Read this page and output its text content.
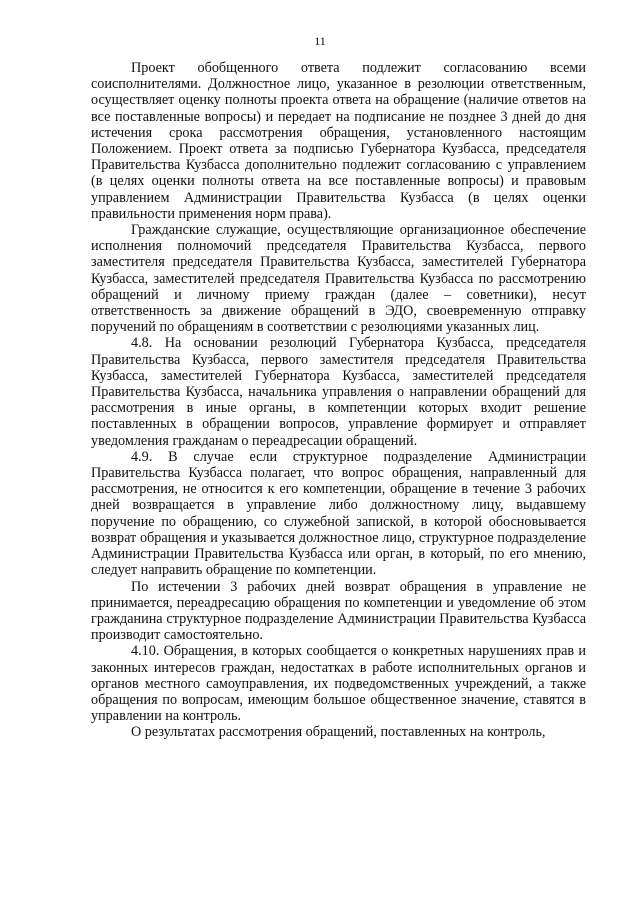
11

Проект обобщенного ответа подлежит согласованию всеми соисполнителями. Должностное лицо, указанное в резолюции ответственным, осуществляет оценку полноты проекта ответа на обращение (наличие ответов на все поставленные вопросы) и передает на подписание не позднее 3 дней до дня истечения срока рассмотрения обращения, установленного настоящим Положением. Проект ответа за подписью Губернатора Кузбасса, председателя Правительства Кузбасса дополнительно подлежит согласованию с управлением (в целях оценки полноты ответа на все поставленные вопросы) и правовым управлением Администрации Правительства Кузбасса (в целях оценки правильности применения норм права).

Гражданские служащие, осуществляющие организационное обеспечение исполнения полномочий председателя Правительства Кузбасса, первого заместителя председателя Правительства Кузбасса, заместителей Губернатора Кузбасса, заместителей председателя Правительства Кузбасса по рассмотрению обращений и личному приему граждан (далее – советники), несут ответственность за движение обращений в ЭДО, своевременную отправку поручений по обращениям в соответствии с резолюциями указанных лиц.

4.8. На основании резолюций Губернатора Кузбасса, председателя Правительства Кузбасса, первого заместителя председателя Правительства Кузбасса, заместителей Губернатора Кузбасса, заместителей председателя Правительства Кузбасса, начальника управления о направлении обращений для рассмотрения в иные органы, в компетенции которых входит решение поставленных в обращении вопросов, управление формирует и отправляет уведомления гражданам о переадресации обращений.

4.9. В случае если структурное подразделение Администрации Правительства Кузбасса полагает, что вопрос обращения, направленный для рассмотрения, не относится к его компетенции, обращение в течение 3 рабочих дней возвращается в управление либо должностному лицу, выдавшему поручение по обращению, со служебной запиской, в которой обосновывается возврат обращения и указывается должностное лицо, структурное подразделение Администрации Правительства Кузбасса или орган, в который, по его мнению, следует направить обращение по компетенции.

По истечении 3 рабочих дней возврат обращения в управление не принимается, переадресацию обращения по компетенции и уведомление об этом гражданина структурное подразделение Администрации Правительства Кузбасса производит самостоятельно.

4.10. Обращения, в которых сообщается о конкретных нарушениях прав и законных интересов граждан, недостатках в работе исполнительных органов и органов местного самоуправления, их подведомственных учреждений, а также обращения по вопросам, имеющим большое общественное значение, ставятся в управлении на контроль.

О результатах рассмотрения обращений, поставленных на контроль,
